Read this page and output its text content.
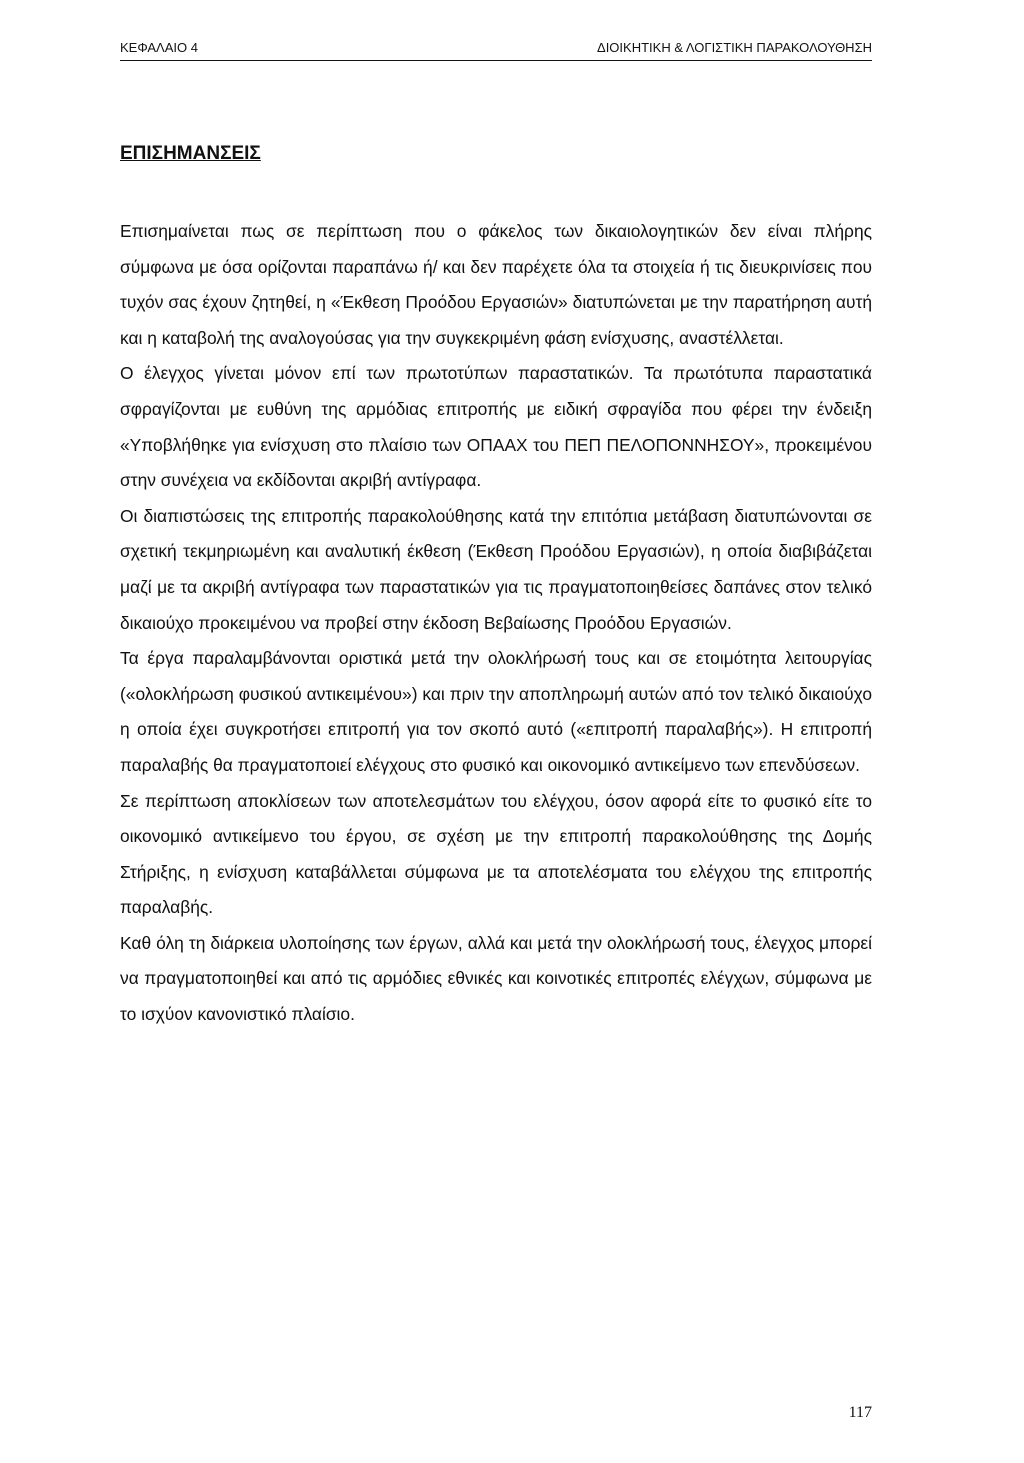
ΚΕΦΑΛΑΙΟ 4	ΔΙΟΙΚΗΤΙΚΗ & ΛΟΓΙΣΤΙΚΗ ΠΑΡΑΚΟΛΟΥΘΗΣΗ
ΕΠΙΣΗΜΑΝΣΕΙΣ

Επισημαίνεται πως σε περίπτωση που ο φάκελος των δικαιολογητικών δεν είναι πλήρης σύμφωνα με όσα ορίζονται παραπάνω ή/ και δεν παρέχετε όλα τα στοιχεία ή τις διευκρινίσεις που τυχόν σας έχουν ζητηθεί, η «Έκθεση Προόδου Εργασιών» διατυπώνεται με την παρατήρηση αυτή και η καταβολή της αναλογούσας για την συγκεκριμένη φάση ενίσχυσης, αναστέλλεται.

Ο έλεγχος γίνεται μόνον επί των πρωτοτύπων παραστατικών. Τα πρωτότυπα παραστατικά σφραγίζονται με ευθύνη της αρμόδιας επιτροπής με ειδική σφραγίδα που φέρει την ένδειξη «Υποβλήθηκε για ενίσχυση στο πλαίσιο των ΟΠΑΑΧ του ΠΕΠ ΠΕΛΟΠΟΝΝΗΣΟΥ», προκειμένου στην συνέχεια να εκδίδονται ακριβή αντίγραφα.

Οι διαπιστώσεις της επιτροπής παρακολούθησης κατά την επιτόπια μετάβαση διατυπώνονται σε σχετική τεκμηριωμένη και αναλυτική έκθεση (Έκθεση Προόδου Εργασιών), η οποία διαβιβάζεται μαζί με τα ακριβή αντίγραφα των παραστατικών για τις πραγματοποιηθείσες δαπάνες στον τελικό δικαιούχο προκειμένου να προβεί στην έκδοση Βεβαίωσης Προόδου Εργασιών.

Τα έργα παραλαμβάνονται οριστικά μετά την ολοκλήρωσή τους και σε ετοιμότητα λειτουργίας («ολοκλήρωση φυσικού αντικειμένου») και πριν την αποπληρωμή αυτών από τον τελικό δικαιούχο η οποία έχει συγκροτήσει επιτροπή για τον σκοπό αυτό («επιτροπή παραλαβής»). Η επιτροπή παραλαβής θα πραγματοποιεί ελέγχους στο φυσικό και οικονομικό αντικείμενο των επενδύσεων.

Σε περίπτωση αποκλίσεων των αποτελεσμάτων του ελέγχου, όσον αφορά είτε το φυσικό είτε το οικονομικό αντικείμενο του έργου, σε σχέση με την επιτροπή παρακολούθησης της Δομής Στήριξης, η ενίσχυση καταβάλλεται σύμφωνα με τα αποτελέσματα του ελέγχου της επιτροπής παραλαβής.

Καθ όλη τη διάρκεια υλοποίησης των έργων, αλλά και μετά την ολοκλήρωσή τους, έλεγχος μπορεί να πραγματοποιηθεί και από τις αρμόδιες εθνικές και κοινοτικές επιτροπές ελέγχων, σύμφωνα με το ισχύον κανονιστικό πλαίσιο.

117
